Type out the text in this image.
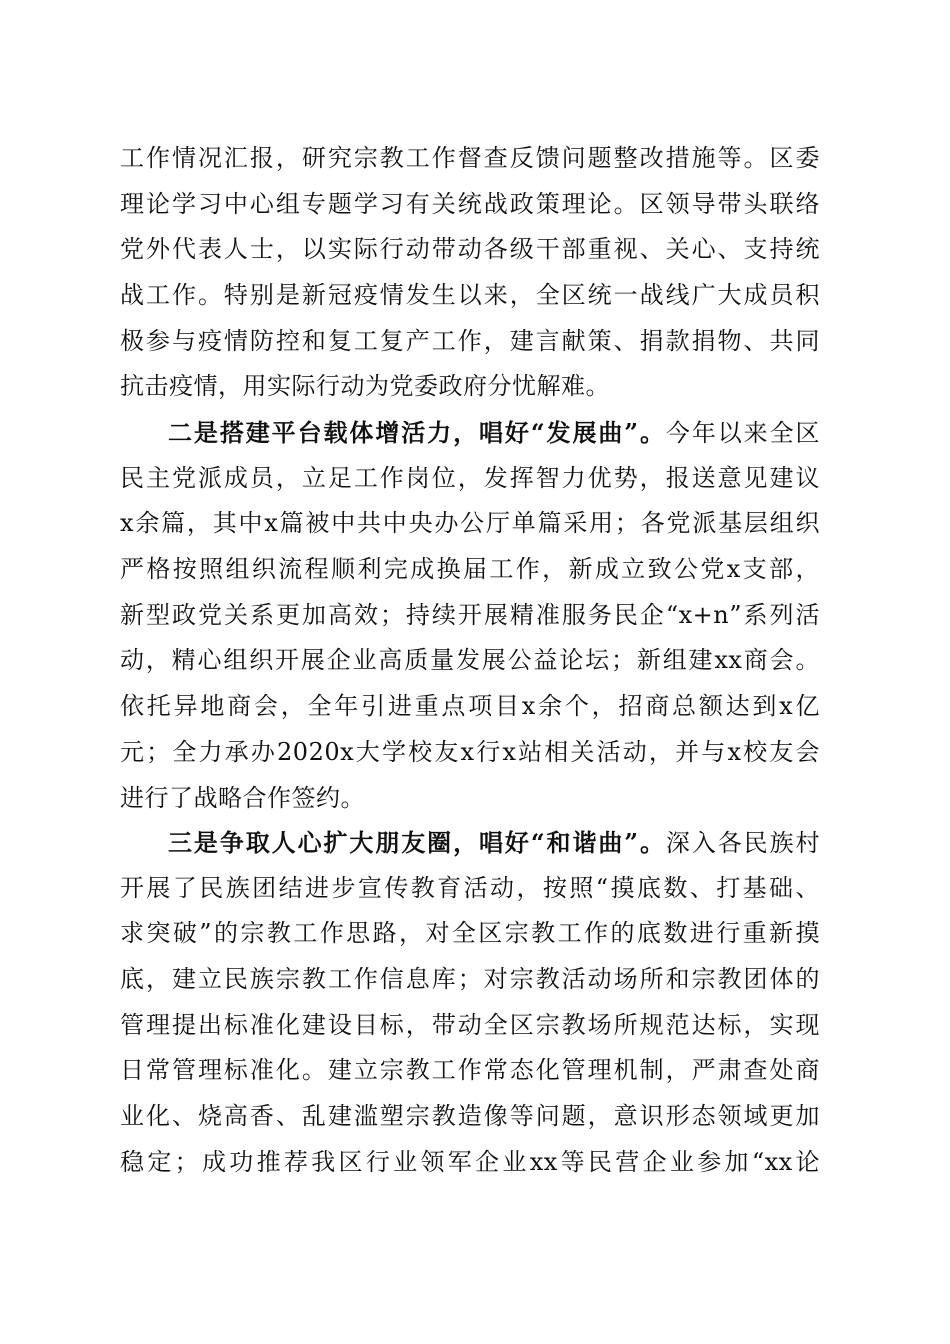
工作情况汇报，研究宗教工作督查反馈问题整改措施等。区委
理论学习中心组专题学习有关统战政策理论。区领导带头联络
党外代表人士，以实际行动带动各级干部重视、关心、支持统
战工作。特别是新冠疫情发生以来，全区统一战线广大成员积
极参与疫情防控和复工复产工作，建言献策、捐款捐物、共同
抗击疫情，用实际行动为党委政府分忧解难。
二是搭建平台载体增活力，唱好“发展曲”。今年以来全区
民主党派成员，立足工作岗位，发挥智力优势，报送意见建议
x余篇，其中x篇被中共中央办公厅单篇采用；各党派基层组织
严格按照组织流程顺利完成换届工作，新成立致公党x支部，
新型政党关系更加高效；持续开展精准服务民企“x+n”系列活
动，精心组织开展企业高质量发展公益论坛；新组建xx商会。
依托异地商会，全年引进重点项目x余个，招商总额达到x亿
元；全力承办2020x大学校友x行x站相关活动，并与x校友会
进行了战略合作签约。
三是争取人心扩大朋友圈，唱好“和谐曲”。深入各民族村
开展了民族团结进步宣传教育活动，按照“摸底数、打基础、
求突破”的宗教工作思路，对全区宗教工作的底数进行重新摸
底，建立民族宗教工作信息库；对宗教活动场所和宗教团体的
管理提出标准化建设目标，带动全区宗教场所规范达标，实现
日常管理标准化。建立宗教工作常态化管理机制，严肃查处商
业化、烧高香、乱建滥塑宗教造像等问题，意识形态领域更加
稳定；成功推荐我区行业领军企业xx等民营企业参加“xx论
